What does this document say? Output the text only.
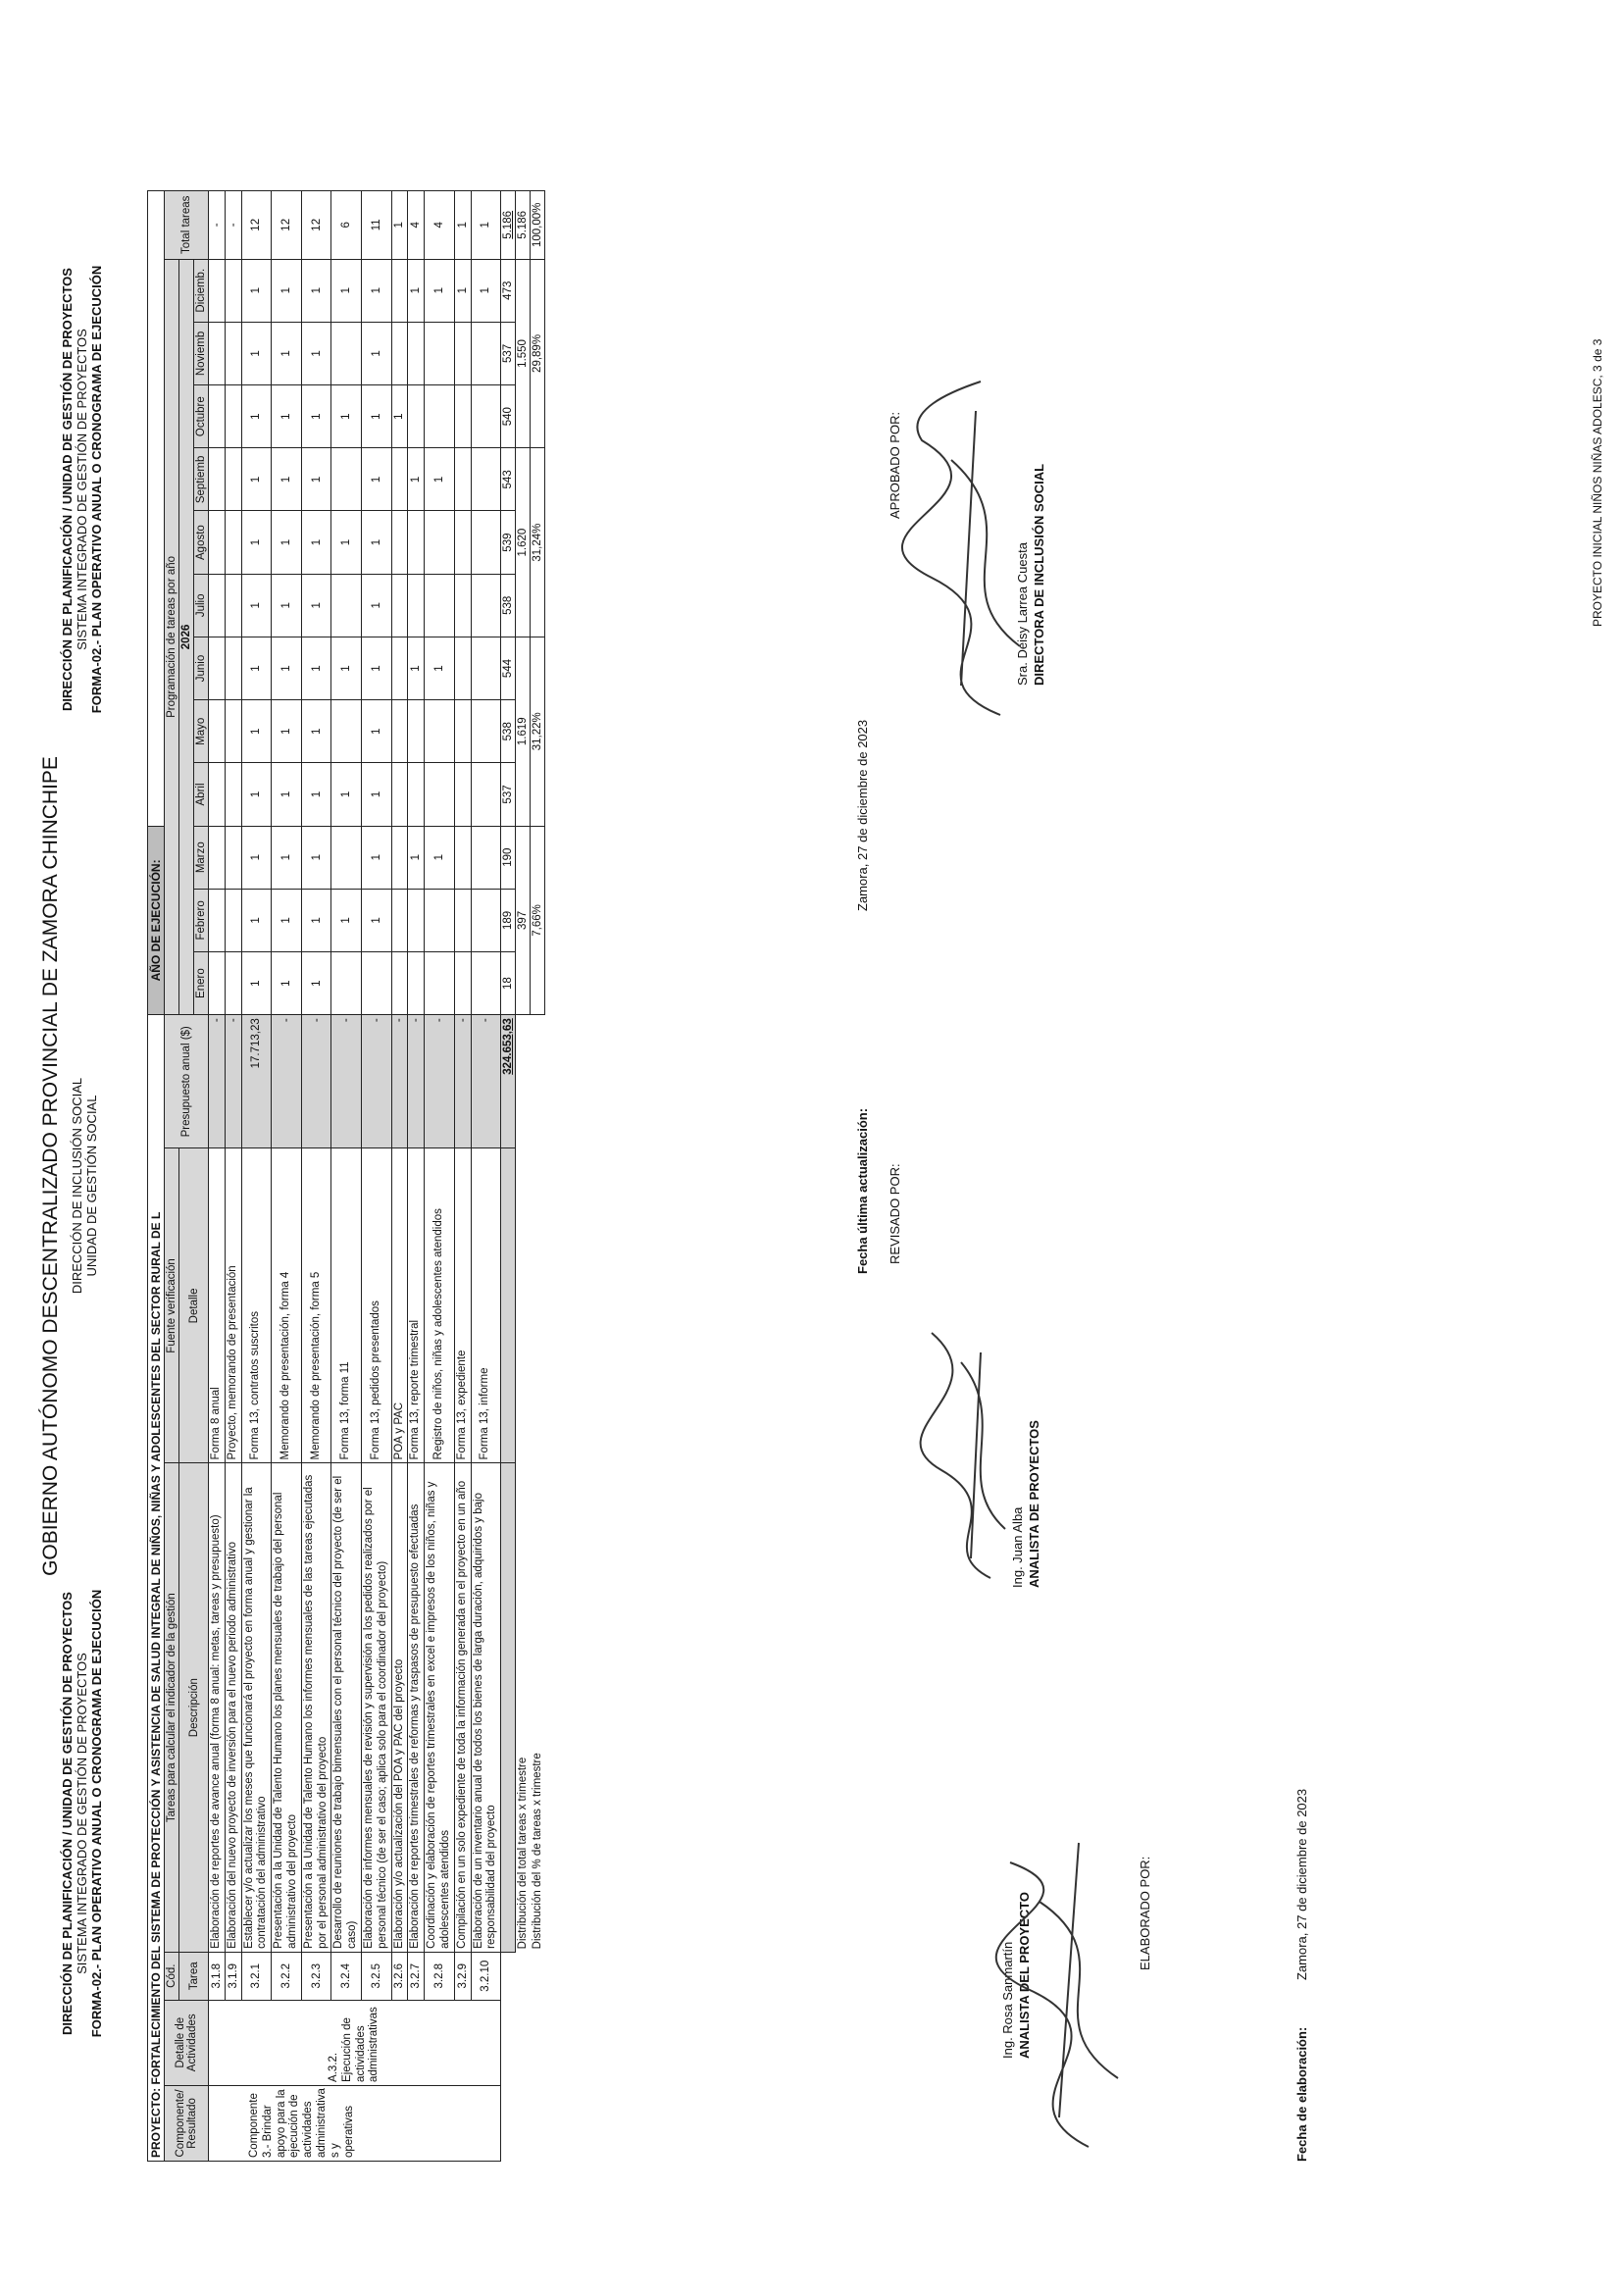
GOBIERNO AUTÓNOMO DESCENTRALIZADO PROVINCIAL DE ZAMORA CHINCHIPE
DIRECCIÓN DE PLANIFICACIÓN / UNIDAD DE GESTIÓN DE PROYECTOS SISTEMA INTEGRADO DE GESTIÓN DE PROYECTOS FORMA-02.- PLAN OPERATIVO ANUAL O CRONOGRAMA DE EJECUCIÓN
DIRECCIÓN DE INCLUSIÓN SOCIAL UNIDAD DE GESTIÓN SOCIAL
DIRECCIÓN DE PLANIFICACIÓN / UNIDAD DE GESTIÓN DE PROYECTOS SISTEMA INTEGRADO DE GESTIÓN DE PROYECTOS FORMA-02.- PLAN OPERATIVO ANUAL O CRONOGRAMA DE EJECUCIÓN
PROYECTO: FORTALECIMIENTO DEL SISTEMA DE PROTECCIÓN Y ASISTENCIA DE SALUD INTEGRAL DE NIÑOS, NIÑAS Y ADOLESCENTES DEL SECTOR RURAL DE L						AÑO DE EJECUCIÓN:												
Componente/ Resultado	Detalle de Actividades	Cód.	Tareas para calcular el indicador de la gestión	Fuente verificación	Presupuesto anual ($)	Programación de tareas por año												Total tareas
		Tarea	Descripción	Detalle		2026												
						Enero	Febrero	Marzo	Abril	Mayo	Junio	Julio	Agosto	Septiemb	Octubre	Noviemb	Diciemb.	
Componente 3.- Brindar apoyo para la ejecución de actividades administrativa s y operativas	A.3.2. Ejecución de actividades administrativas	3.1.8	Elaboración de reportes de avance anual (forma 8 anual: metas, tareas y presupuesto)	Forma 8 anual	-													-
		3.1.9	Elaboración del nuevo proyecto de inversión para el nuevo periodo administrativo	Proyecto, memorando de presentación	-													-
		3.2.1	Establecer y/o actualizar los meses que funcionará el proyecto en forma anual y gestionar la contratación del administrativo	Forma 13, contratos suscritos	17.713,23	1	1	1	1	1	1	1	1	1	1	1	1	12
		3.2.2	Presentación a la Unidad de Talento Humano los planes mensuales de trabajo del personal administrativo del proyecto	Memorando de presentación, forma 4	-	1	1	1	1	1	1	1	1	1	1	1	1	12
		3.2.3	Presentación a la Unidad de Talento Humano los informes mensuales de las tareas ejecutadas por el personal administrativo del proyecto	Memorando de presentación, forma 5	-	1	1	1	1	1	1	1	1	1	1	1	1	12
		3.2.4	Desarrollo de reuniones de trabajo bimensuales con el personal técnico del proyecto (de ser el caso)	Forma 13, forma 11	-		1		1		1		1		1		1	6
		3.2.5	Elaboración de informes mensuales de revisión y supervisión a los pedidos realizados por el personal técnico (de ser el caso; aplica solo para el coordinador del proyecto)	Forma 13, pedidos presentados	-		1	1	1	1	1	1	1	1	1	1	1	11
		3.2.6	Elaboración y/o actualización del POA y PAC del proyecto	POA y PAC	-										1			1
		3.2.7	Elaboración de reportes trimestrales de reformas y traspasos de presupuesto efectuadas	Forma 13, reporte trimestral	-			1			1			1			1	4
		3.2.8	Coordinación y elaboración de reportes trimestrales en excel e impresos de los niños, niñas y adolescentes atendidos	Registro de niños, niñas y adolescentes atendidos	-			1			1			1			1	4
		3.2.9	Compilación en un solo expediente de toda la información generada en el proyecto en un año	Forma 13, expediente	-												1	1
		3.2.10	Elaboración de un inventario anual de todos los bienes de larga duración, adquiridos y bajo responsabilidad del proyecto	Forma 13, informe	-												1	1
					324.653,63	18	189	190	537	538	544	538	539	543	540	537	473	5.186
			Distribución del total tareas x trimestre			397			1.619			1.620			1.550			5.186
			Distribución del % de tareas x trimestre			7,66%			31,22%			31,24%			29,89%			100,00%
Fecha de elaboración:
Zamora, 27 de diciembre de 2023
Fecha última actualización:
Zamora, 27 de diciembre de 2023
ELABORADO POR:
Ing. Rosa Sanmartín ANALISTA DEL PROYECTO
REVISADO POR:
Ing. Juan Alba ANALISTA DE PROYECTOS
APROBADO POR:
Sra. Deisy Larrea Cuesta DIRECTORA DE INCLUSIÓN SOCIAL	PROYECTO INICIAL NIÑOS NIÑAS ADOLESC, 3 de 3
